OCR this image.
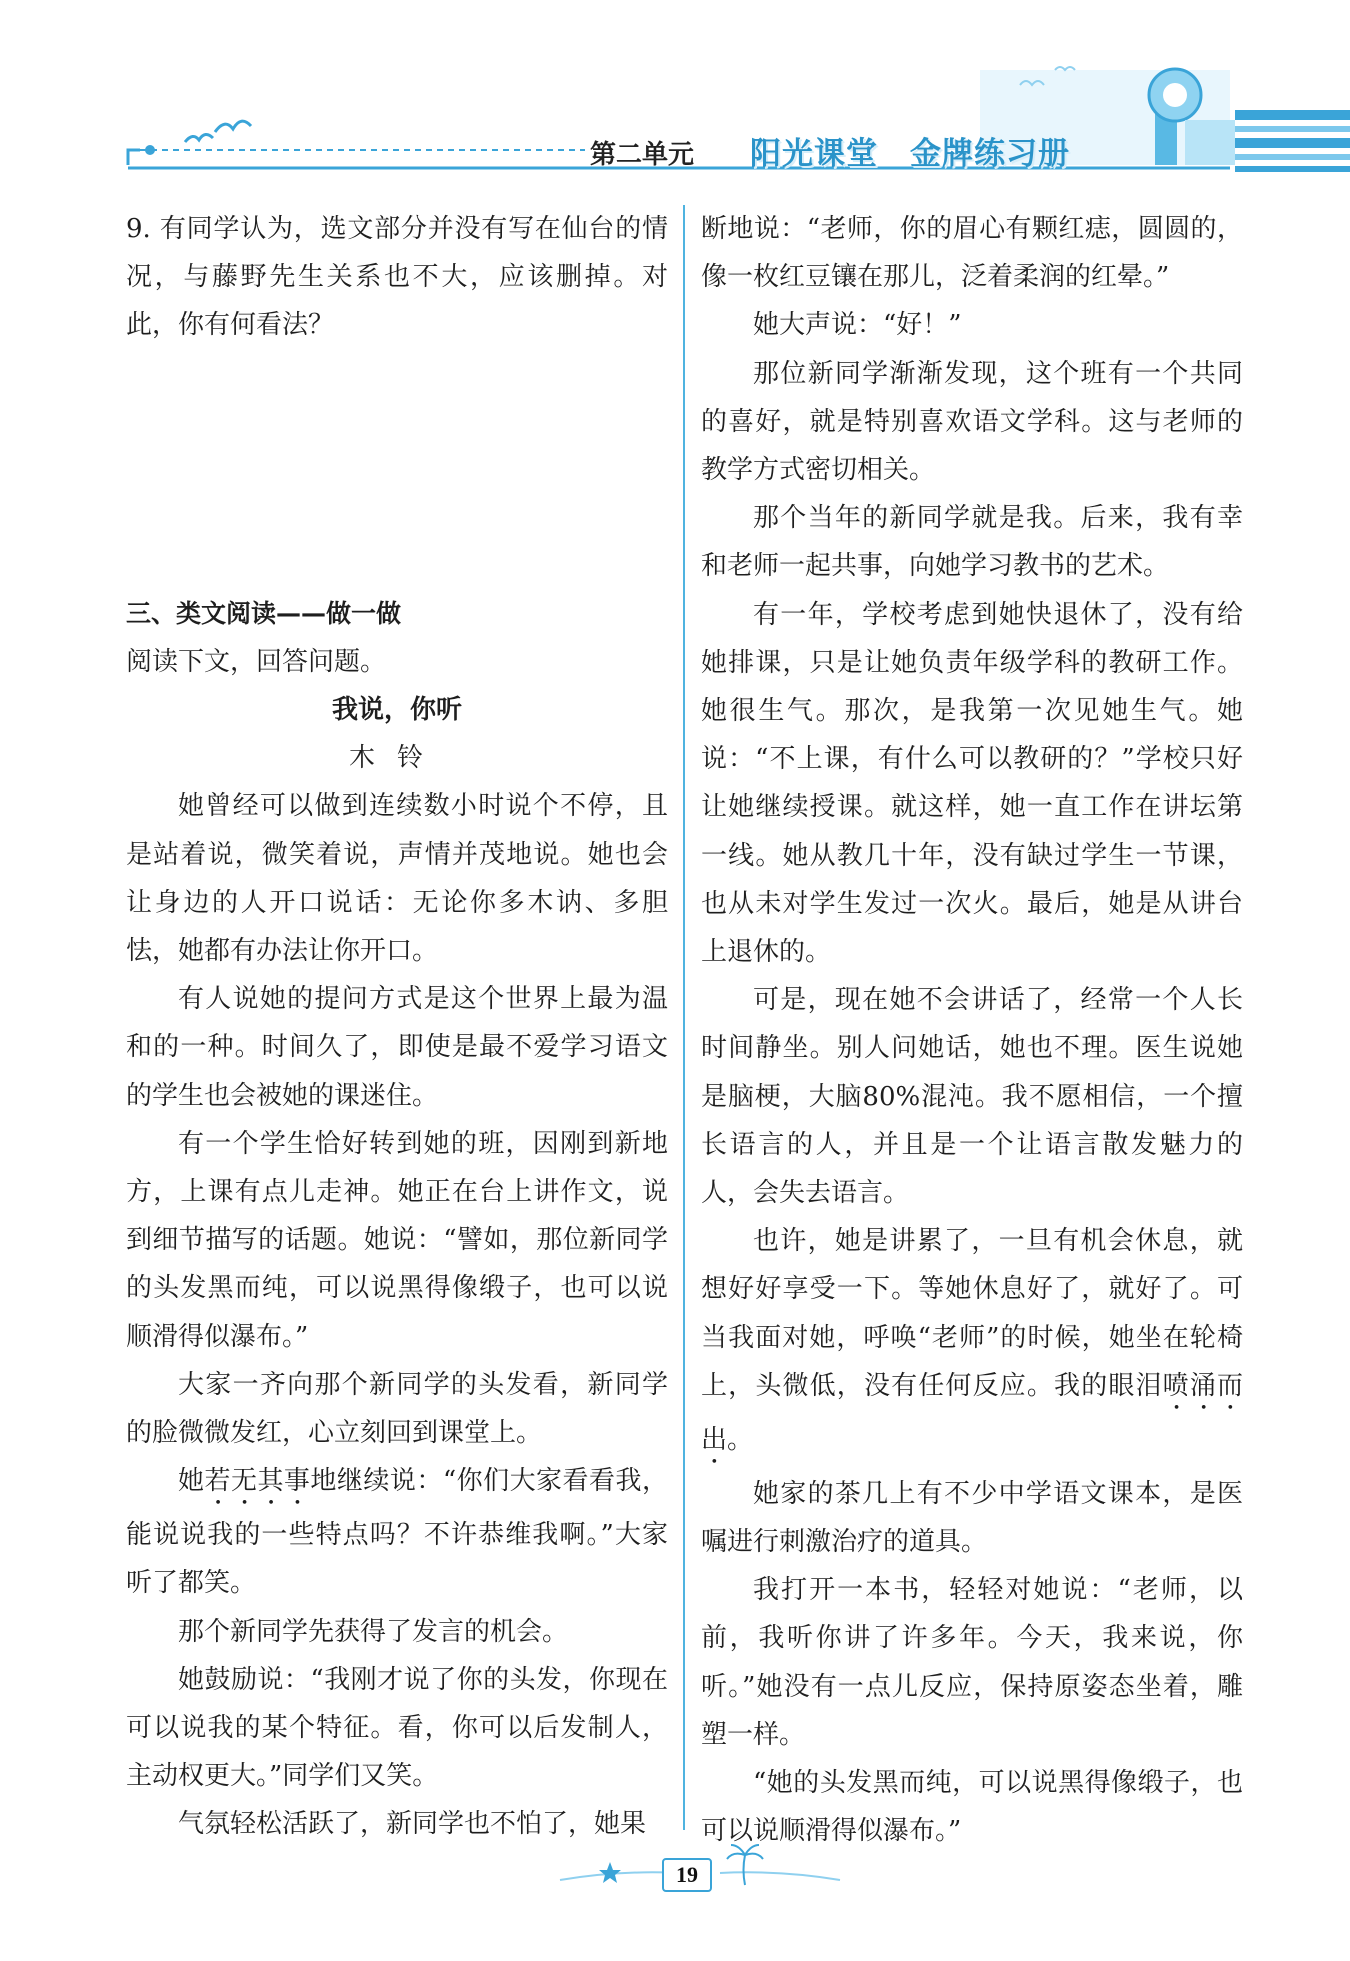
第二单元 阳光课堂　金牌练习册

9. 有同学认为，选文部分并没有写在仙台的情况，与藤野先生关系也不大，应该删掉。对此，你有何看法？

三、类文阅读——做一做

阅读下文，回答问题。

我说，你听

木铃

她曾经可以做到连续数小时说个不停，且是站着说，微笑着说，声情并茂地说。她也会让身边的人开口说话：无论你多木讷、多胆怯，她都有办法让你开口。

有人说她的提问方式是这个世界上最为温和的一种。时间久了，即使是最不爱学习语文的学生也会被她的课迷住。

有一个学生恰好转到她的班，因刚到新地方，上课有点儿走神。她正在台上讲作文，说到细节描写的话题。她说：“譬如，那位新同学的头发黑而纯，可以说黑得像缎子，也可以说顺滑得似瀑布。”

大家一齐向那个新同学的头发看，新同学的脸微微发红，心立刻回到课堂上。

她若无其事地继续说：“你们大家看看我，能说说我的一些特点吗？不许恭维我啊。”大家听了都笑。

那个新同学先获得了发言的机会。

她鼓励说：“我刚才说了你的头发，你现在可以说我的某个特征。看，你可以后发制人，主动权更大。”同学们又笑。

气氛轻松活跃了，新同学也不怕了，她果

断地说：“老师，你的眉心有颗红痣，圆圆的，像一枚红豆镶在那儿，泛着柔润的红晕。”

她大声说：“好！”

那位新同学渐渐发现，这个班有一个共同的喜好，就是特别喜欢语文学科。这与老师的教学方式密切相关。

那个当年的新同学就是我。后来，我有幸和老师一起共事，向她学习教书的艺术。

有一年，学校考虑到她快退休了，没有给她排课，只是让她负责年级学科的教研工作。她很生气。那次，是我第一次见她生气。她说：“不上课，有什么可以教研的？”学校只好让她继续授课。就这样，她一直工作在讲坛第一线。她从教几十年，没有缺过学生一节课，也从未对学生发过一次火。最后，她是从讲台上退休的。

可是，现在她不会讲话了，经常一个人长时间静坐。别人问她话，她也不理。医生说她是脑梗，大脑80%混沌。我不愿相信，一个擅长语言的人，并且是一个让语言散发魅力的人，会失去语言。

也许，她是讲累了，一旦有机会休息，就想好好享受一下。等她休息好了，就好了。可当我面对她，呼唤“老师”的时候，她坐在轮椅上，头微低，没有任何反应。我的眼泪喷涌而出。

她家的茶几上有不少中学语文课本，是医嘱进行刺激治疗的道具。

我打开一本书，轻轻对她说：“老师，以前，我听你讲了许多年。今天，我来说，你听。”她没有一点儿反应，保持原姿态坐着，雕塑一样。

“她的头发黑而纯，可以说黑得像缎子，也可以说顺滑得似瀑布。”

19
